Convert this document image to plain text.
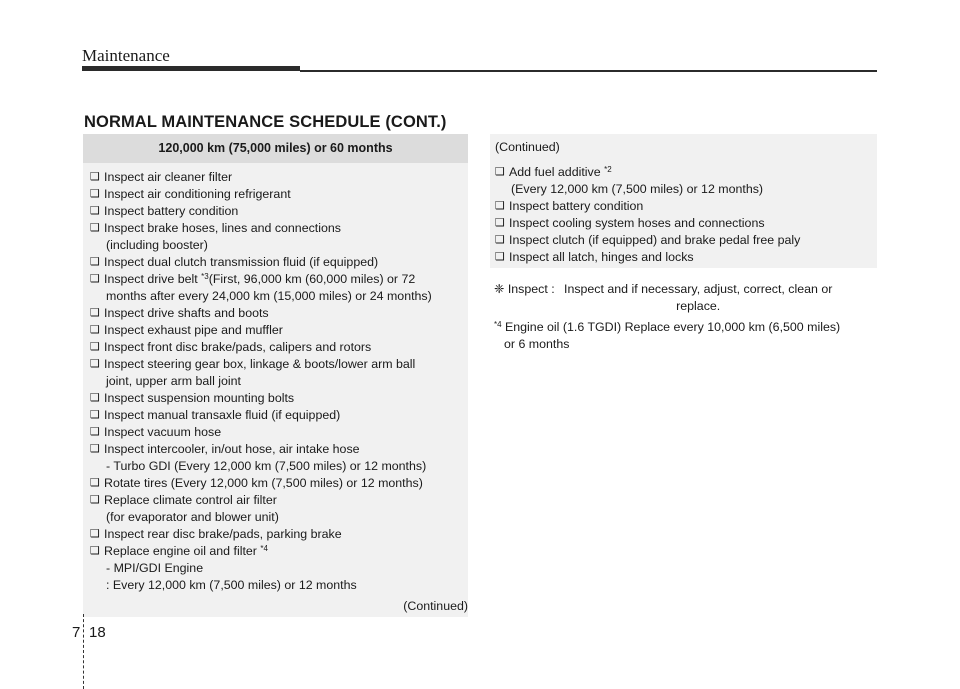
Maintenance
NORMAL MAINTENANCE SCHEDULE (CONT.)
120,000 km (75,000 miles) or 60 months
❑ Inspect air cleaner filter
❑ Inspect air conditioning refrigerant
❑ Inspect battery condition
❑ Inspect brake hoses, lines and connections
(including booster)
❑ Inspect dual clutch transmission fluid (if equipped)
❑ Inspect drive belt $^{*3}$(First, 96,000 km (60,000 miles) or 72
months after every 24,000 km (15,000 miles) or 24 months)
❑ Inspect drive shafts and boots
❑ Inspect exhaust pipe and muffler
❑ Inspect front disc brake/pads, calipers and rotors
❑ Inspect steering gear box, linkage & boots/lower arm ball
joint, upper arm ball joint
❑ Inspect suspension mounting bolts
❑ Inspect manual transaxle fluid (if equipped)
❑ Inspect vacuum hose
❑ Inspect intercooler, in/out hose, air intake hose
- Turbo GDI (Every 12,000 km (7,500 miles) or 12 months)
❑ Rotate tires (Every 12,000 km (7,500 miles) or 12 months)
❑ Replace climate control air filter
(for evaporator and blower unit)
❑ Inspect rear disc brake/pads, parking brake
❑ Replace engine oil and filter $^{*4}$
- MPI/GDI Engine
: Every 12,000 km (7,500 miles) or 12 months
(Continued)
(Continued)
❑ Add fuel additive $^{*2}$
(Every 12,000 km (7,500 miles) or 12 months)
❑ Inspect battery condition
❑ Inspect cooling system hoses and connections
❑ Inspect clutch (if equipped) and brake pedal free paly
❑ Inspect all latch, hinges and locks
❈ Inspect : Inspect and if necessary, adjust, correct, clean or
replace.
$^{*4}$ Engine oil (1.6 TGDI) Replace every 10,000 km (6,500 miles)
or 6 months
7 18
